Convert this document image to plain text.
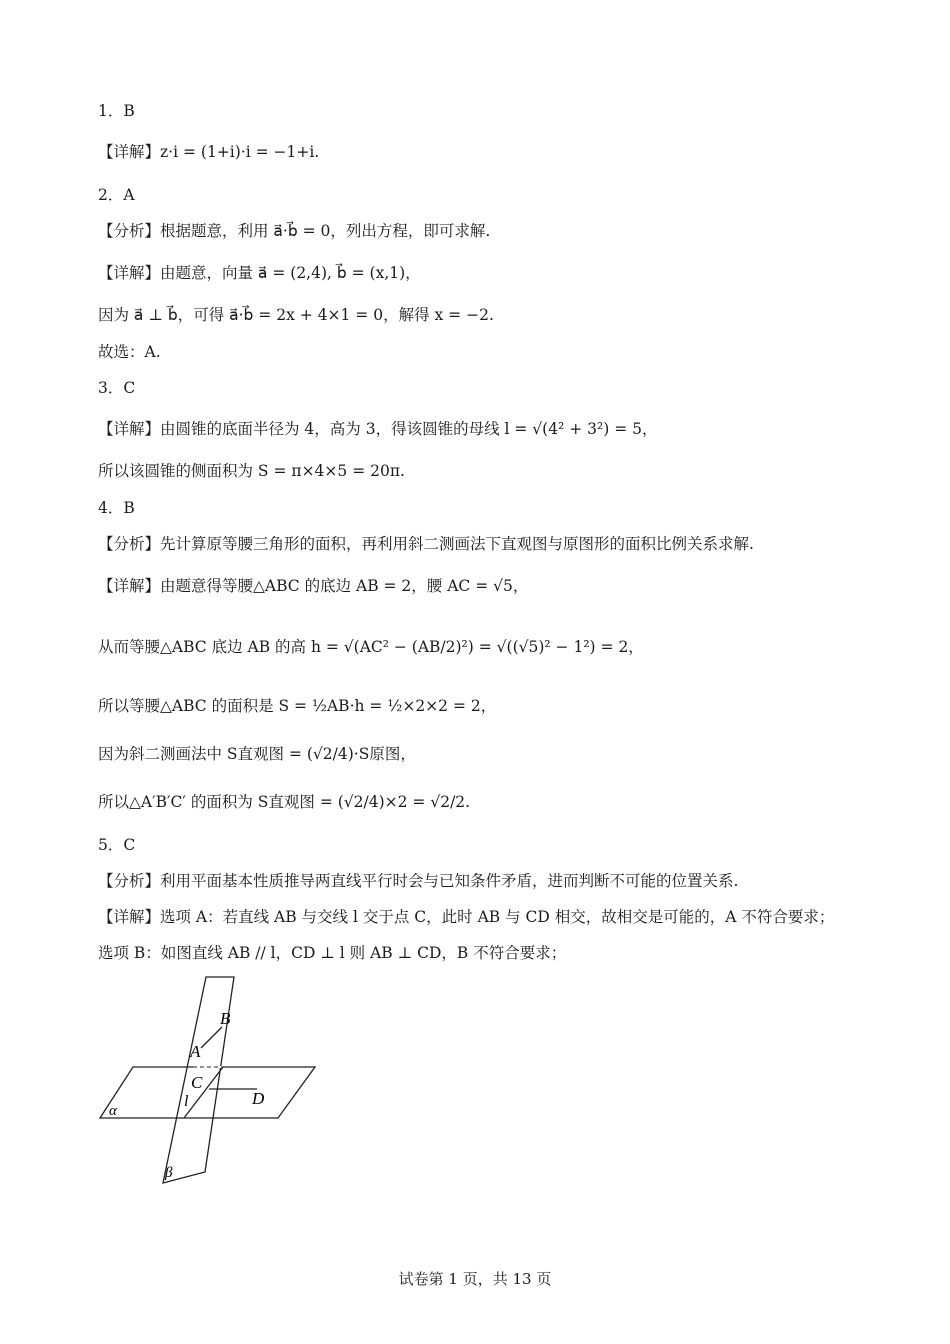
1．B
【详解】z·i = (1+i)·i = −1+i.
2．A
【分析】根据题意，利用 a⃗·b⃗ = 0，列出方程，即可求解.
【详解】由题意，向量 a⃗ = (2,4), b⃗ = (x,1)，
因为 a⃗ ⊥ b⃗，可得 a⃗·b⃗ = 2x + 4×1 = 0，解得 x = −2.
故选：A.
3．C
【详解】由圆锥的底面半径为 4，高为 3，得该圆锥的母线 l = √(4² + 3²) = 5，
所以该圆锥的侧面积为 S = π×4×5 = 20π.
4．B
【分析】先计算原等腰三角形的面积，再利用斜二测画法下直观图与原图形的面积比例关系求解.
【详解】由题意得等腰△ABC 的底边 AB = 2，腰 AC = √5，
从而等腰△ABC 底边 AB 的高 h = √(AC² − (AB/2)²) = √((√5)² − 1²) = 2，
所以等腰△ABC 的面积是 S = ½AB·h = ½×2×2 = 2，
因为斜二测画法中 S直观图 = (√2/4)·S原图，
所以△A′B′C′ 的面积为 S直观图 = (√2/4)×2 = √2/2.
5．C
【分析】利用平面基本性质推导两直线平行时会与已知条件矛盾，进而判断不可能的位置关系.
【详解】选项 A：若直线 AB 与交线 l 交于点 C，此时 AB 与 CD 相交，故相交是可能的，A 不符合要求；
选项 B：如图直线 AB // l，CD ⊥ l 则 AB ⊥ CD，B 不符合要求；
B
A
C
D
l
α
β
试卷第 1 页，共 13 页
